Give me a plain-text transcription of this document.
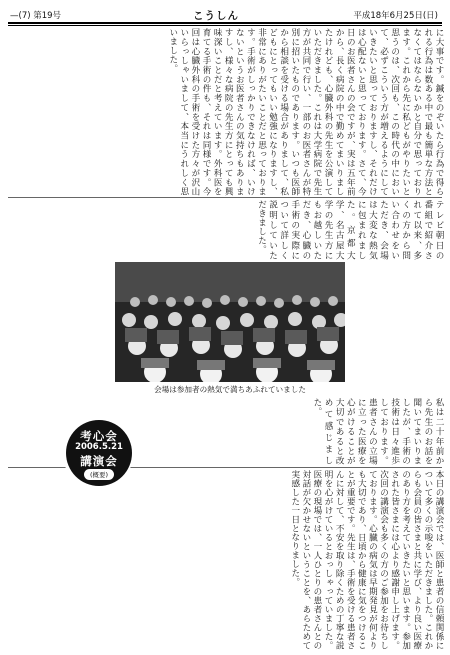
—(7) 第19号	こうしん	平成18年6月25日(日)
に大事です。鍼をのぞいたら行為で得られる行為は数ある中で最も簡単な方法となくてはならないかと自分で思っております。これから先に私どもがやりたいと思うのは、次回も、この時代の中において、必ずこういう方が増えるようにしていきたいと思っておりますし、それだけは心配ないと思っております。さて、今日のお医者さんの会ですが、実は五年前から、長く病院の中で勤めてまいりましたけれども、心臓外科の先生を公演していただきました。これは大学病院で先生方が共同で行い、一部のお医者さんが特別に招いたものであります。いつも医師から相談を受ける場合がありまして、私どもにとってもいい勉強になりますし、非常にありがたいことだと思っております。手術がしっかりできなければ、いけないというお医者さんの気持ちもありますし、様々な病院の先生方にとっても興味深いことだと考えています。外科医を育てる手術の件も、それは同様です。今回は心臓外科の手術を受けた方々が沢山いらっしゃいまして、本当にうれしく思いました。
テレビ朝日の番組で紹介されて以来、多くの方から問い合わせをいただき、会場は大変な熱気に包まれました。京都大学、名古屋大学の先生方にもお越しいただき、心臓の手術の実際について詳しく説明していただきました。
会場は参加者の熱気で満ちあふれていました
私は二十年前から先生のお話を聞いてまいりましたが、手術の技術は日々進歩しております。患者さんの立場に立った医療を心がけることが大切であると改めて感じました。
本日の講演会では、医師と患者の信頼関係について多くの示唆をいただきました。これからも会員の皆さまと共に学び、より良い医療のあり方を考えていきたいと思います。参加された皆さまには心より感謝申し上げます。次回の講演会も多くの方のご参加をお待ちしております。心臓の病気は早期発見が何よりも大切であり、日頃から健康に気をつけることが重要です。先生は、手術を受ける患者さんに対して、不安を取り除くための丁寧な説明を心がけているとおっしゃっていました。医療の現場では、一人ひとりの患者さんとの対話が欠かせないということを、あらためて実感した一日となりました。
考心会
2006.5.21
講演会
(概要)
